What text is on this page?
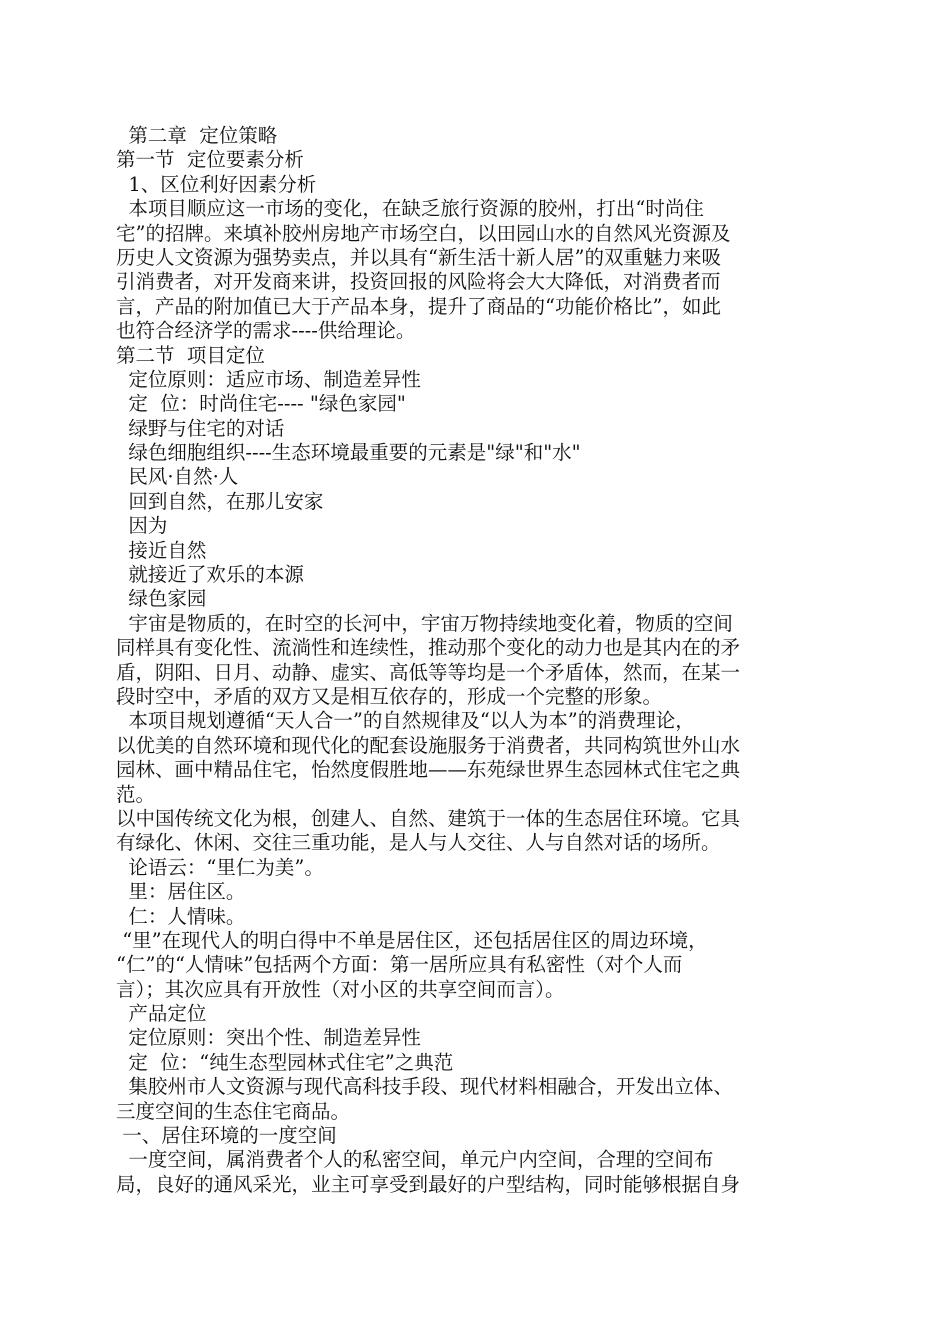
第二章  定位策略

第一节  定位要素分析

1、区位利好因素分析

本项目顺应这一市场的变化，在缺乏旅行资源的胶州，打出“时尚住

宅”的招牌。来填补胶州房地产市场空白，以田园山水的自然风光资源及

历史人文资源为强势卖点，并以具有“新生活十新人居”的双重魅力来吸

引消费者，对开发商来讲，投资回报的风险将会大大降低，对消费者而

言，产品的附加值已大于产品本身，提升了商品的“功能价格比”，如此

也符合经济学的需求----供给理论。

第二节  项目定位

定位原则：适应市场、制造差异性

定  位：时尚住宅---- "绿色家园"

绿野与住宅的对话

绿色细胞组织----生态环境最重要的元素是"绿"和"水"

民风·自然·人

回到自然，在那儿安家

因为

接近自然

就接近了欢乐的本源

绿色家园

宇宙是物质的，在时空的长河中，宇宙万物持续地变化着，物质的空间

同样具有变化性、流淌性和连续性，推动那个变化的动力也是其内在的矛

盾，阴阳、日月、动静、虚实、高低等等均是一个矛盾体，然而，在某一

段时空中，矛盾的双方又是相互依存的，形成一个完整的形象。

本项目规划遵循“天人合一”的自然规律及“以人为本”的消费理论，

以优美的自然环境和现代化的配套设施服务于消费者，共同构筑世外山水

园林、画中精品住宅，怡然度假胜地——东苑绿世界生态园林式住宅之典

范。

以中国传统文化为根，创建人、自然、建筑于一体的生态居住环境。它具

有绿化、休闲、交往三重功能，是人与人交往、人与自然对话的场所。

论语云：“里仁为美”。

里：居住区。

仁：人情味。

“里”在现代人的明白得中不单是居住区，还包括居住区的周边环境，

“仁”的“人情味”包括两个方面：第一居所应具有私密性（对个人而

言）；其次应具有开放性（对小区的共享空间而言）。

产品定位

定位原则：突出个性、制造差异性

定  位：“纯生态型园林式住宅”之典范

集胶州市人文资源与现代高科技手段、现代材料相融合，开发出立体、

三度空间的生态住宅商品。

一、居住环境的一度空间

一度空间，属消费者个人的私密空间，单元户内空间，合理的空间布

局，良好的通风采光，业主可享受到最好的户型结构，同时能够根据自身
